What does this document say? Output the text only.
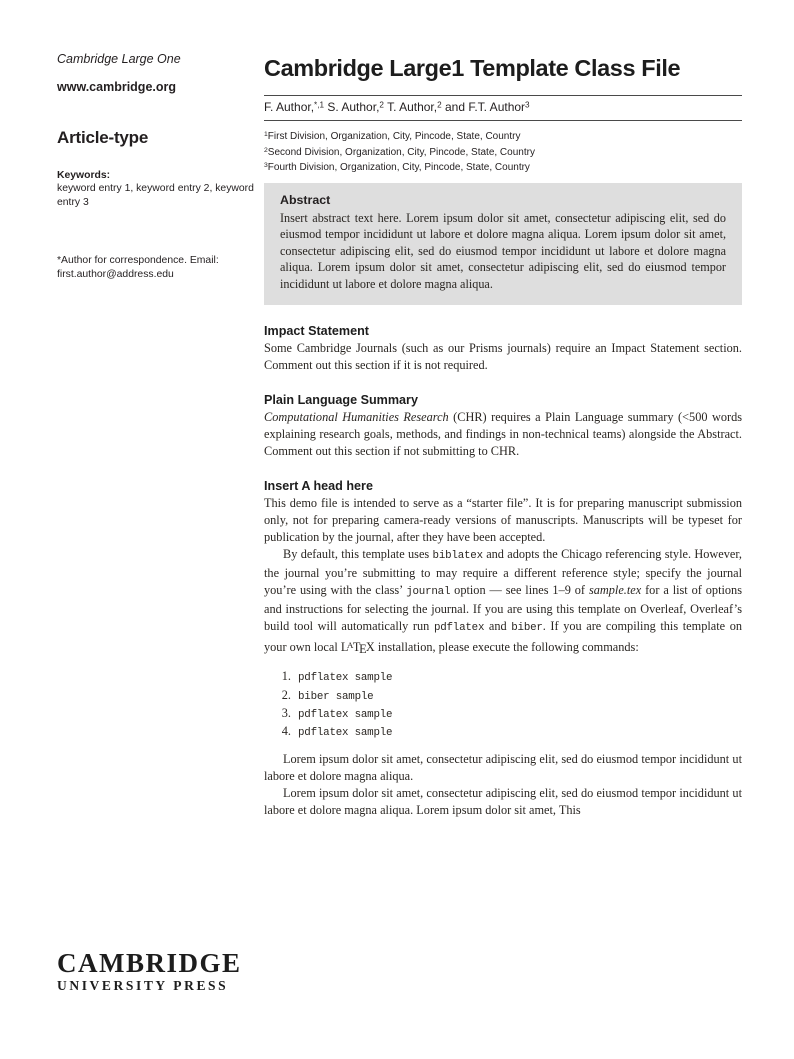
Cambridge Large One
www.cambridge.org
Article-type
Keywords:
keyword entry 1, keyword entry 2, keyword entry 3
*Author for correspondence. Email: first.author@address.edu
Cambridge Large1 Template Class File
F. Author,$^{*,1}$ S. Author,$^2$ T. Author,$^2$ and F.T. Author$^3$
$^1$First Division, Organization, City, Pincode, State, Country
$^2$Second Division, Organization, City, Pincode, State, Country
$^3$Fourth Division, Organization, City, Pincode, State, Country
Abstract

Insert abstract text here. Lorem ipsum dolor sit amet, consectetur adipiscing elit, sed do eiusmod tempor incididunt ut labore et dolore magna aliqua. Lorem ipsum dolor sit amet, consectetur adipiscing elit, sed do eiusmod tempor incididunt ut labore et dolore magna aliqua. Lorem ipsum dolor sit amet, consectetur adipiscing elit, sed do eiusmod tempor incididunt ut labore et dolore magna aliqua.

Impact Statement

Some Cambridge Journals (such as our Prisms journals) require an Impact Statement section. Comment out this section if it is not required.

Plain Language Summary

Computational Humanities Research (CHR) requires a Plain Language summary (<500 words explaining research goals, methods, and findings in non-technical teams) alongside the Abstract. Comment out this section if not submitting to CHR.

Insert A head here

This demo file is intended to serve as a “starter file”. It is for preparing manuscript submission only, not for preparing camera-ready versions of manuscripts. Manuscripts will be typeset for publication by the journal, after they have been accepted.

By default, this template uses biblatex and adopts the Chicago referencing style. However, the journal you’re submitting to may require a different reference style; specify the journal you’re using with the class’ journal option — see lines 1–9 of sample.tex for a list of options and instructions for selecting the journal. If you are using this template on Overleaf, Overleaf’s build tool will automatically run pdflatex and biber. If you are compiling this template on your own local $L^ATEX$ installation, please execute the following commands:

1. pdflatex sample
2. biber sample
3. pdflatex sample
4. pdflatex sample

Lorem ipsum dolor sit amet, consectetur adipiscing elit, sed do eiusmod tempor incididunt ut labore et dolore magna aliqua.

Lorem ipsum dolor sit amet, consectetur adipiscing elit, sed do eiusmod tempor incididunt ut labore et dolore magna aliqua. Lorem ipsum dolor sit amet, This

CAMBRIDGE
UNIVERSITY PRESS
